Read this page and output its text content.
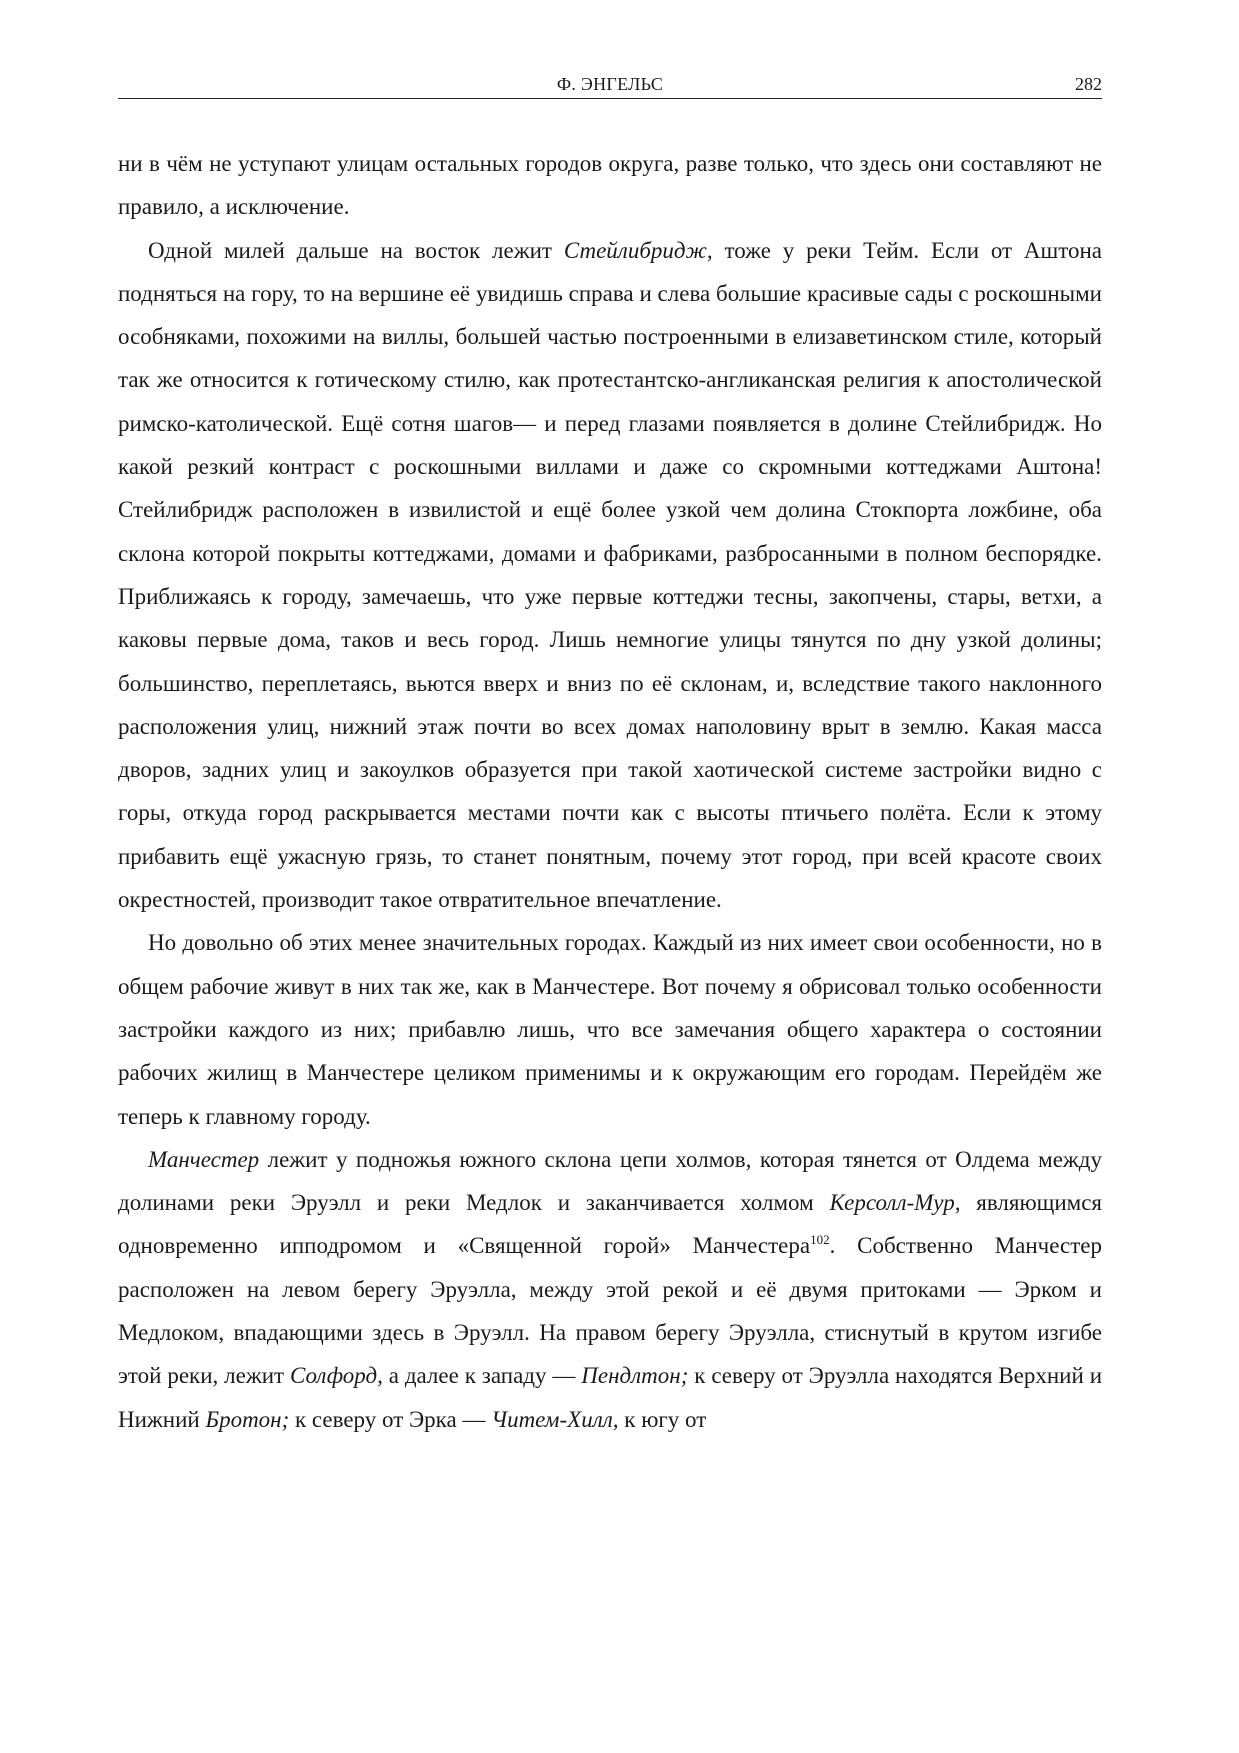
Ф. ЭНГЕЛЬС	282

ни в чём не уступают улицам остальных городов округа, разве только, что здесь они составляют не правило, а исключение.

Одной милей дальше на восток лежит Стейлибридж, тоже у реки Тейм. Если от Аштона подняться на гору, то на вершине её увидишь справа и слева большие красивые сады с роскошными особняками, похожими на виллы, большей частью построенными в елизаветинском стиле, который так же относится к готическому стилю, как протестантско-англиканская религия к апостолической римско-католической. Ещё сотня шагов— и перед глазами появляется в долине Стейлибридж. Но какой резкий контраст с роскошными виллами и даже со скромными коттеджами Аштона! Стейлибридж расположен в извилистой и ещё более узкой чем долина Стокпорта ложбине, оба склона которой покрыты коттеджами, домами и фабриками, разбросанными в полном беспорядке. Приближаясь к городу, замечаешь, что уже первые коттеджи тесны, закопчены, стары, ветхи, а каковы первые дома, таков и весь город. Лишь немногие улицы тянутся по дну узкой долины; большинство, переплетаясь, вьются вверх и вниз по её склонам, и, вследствие такого наклонного расположения улиц, нижний этаж почти во всех домах наполовину врыт в землю. Какая масса дворов, задних улиц и закоулков образуется при такой хаотической системе застройки видно с горы, откуда город раскрывается местами почти как с высоты птичьего полёта. Если к этому прибавить ещё ужасную грязь, то станет понятным, почему этот город, при всей красоте своих окрестностей, производит такое отвратительное впечатление.

Но довольно об этих менее значительных городах. Каждый из них имеет свои особенности, но в общем рабочие живут в них так же, как в Манчестере. Вот почему я обрисовал только особенности застройки каждого из них; прибавлю лишь, что все замечания общего характера о состоянии рабочих жилищ в Манчестере целиком применимы и к окружающим его городам. Перейдём же теперь к главному городу.

Манчестер лежит у подножья южного склона цепи холмов, которая тянется от Олдема между долинами реки Эруэлл и реки Медлок и заканчивается холмом Керсолл-Мур, являющимся одновременно ипподромом и «Священной горой» Манчестера$^{102}$. Собственно Манчестер расположен на левом берегу Эруэлла, между этой рекой и её двумя притоками — Эрком и Медлоком, впадающими здесь в Эруэлл. На правом берегу Эруэлла, стиснутый в крутом изгибе этой реки, лежит Солфорд, а далее к западу — Пендлтон; к северу от Эруэлла находятся Верхний и Нижний Бротон; к северу от Эрка — Читем-Хилл, к югу от
